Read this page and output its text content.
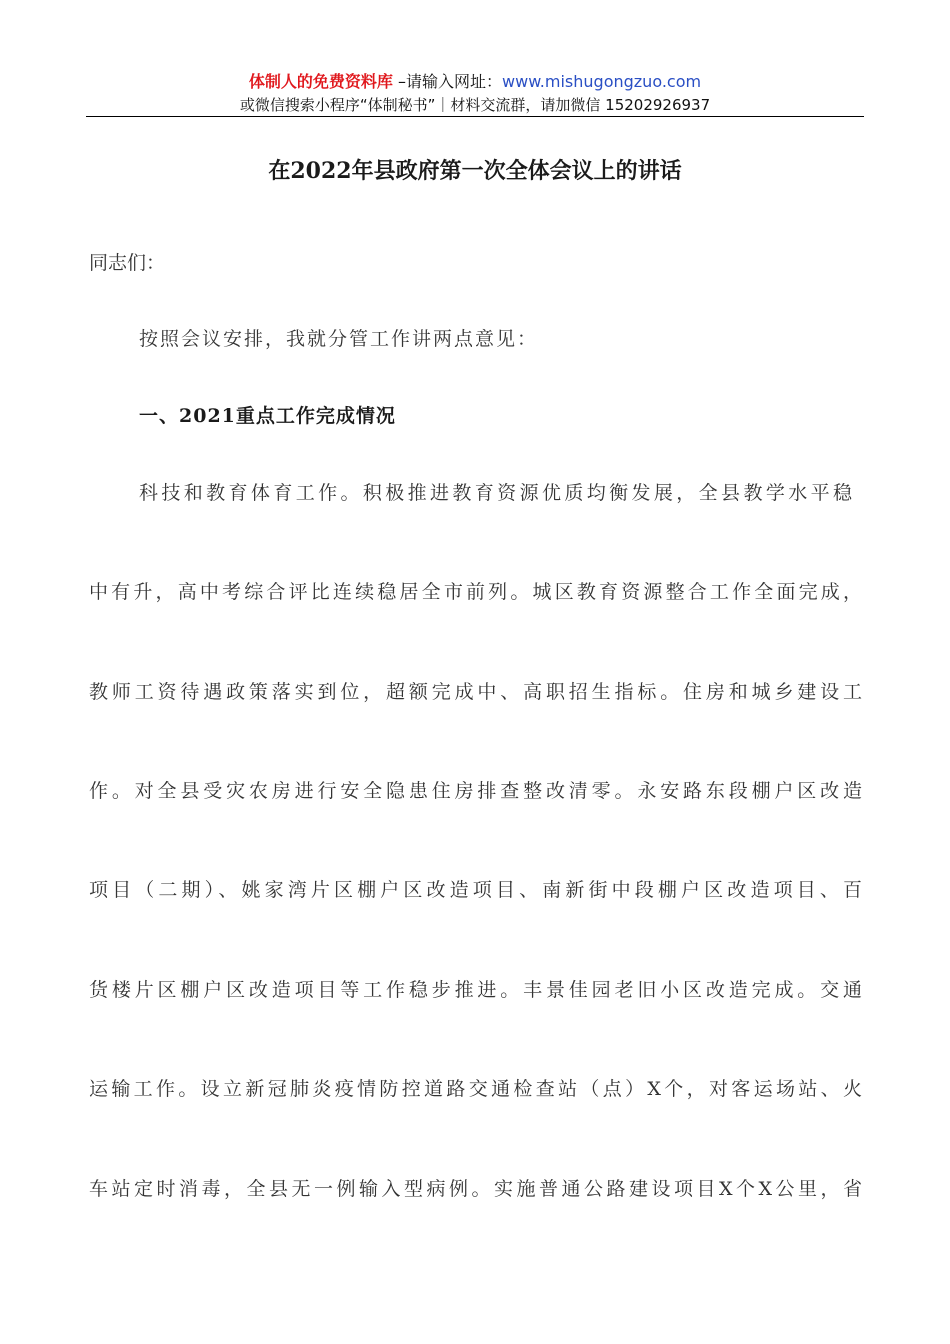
体制人的免费资料库 –请输入网址：www.mishugongzuo.com
或微信搜索小程序“体制秘书”｜材料交流群，请加微信 15202926937
在2022年县政府第一次全体会议上的讲话
同志们：
按照会议安排，我就分管工作讲两点意见：
一、2021重点工作完成情况
科技和教育体育工作。积极推进教育资源优质均衡发展，全县教学水平稳
中有升，高中考综合评比连续稳居全市前列。城区教育资源整合工作全面完成，
教师工资待遇政策落实到位，超额完成中、高职招生指标。住房和城乡建设工
作。对全县受灾农房进行安全隐患住房排查整改清零。永安路东段棚户区改造
项目（二期）、姚家湾片区棚户区改造项目、南新街中段棚户区改造项目、百
货楼片区棚户区改造项目等工作稳步推进。丰景佳园老旧小区改造完成。交通
运输工作。设立新冠肺炎疫情防控道路交通检查站（点）X个，对客运场站、火
车站定时消毒，全县无一例输入型病例。实施普通公路建设项目X个X公里，省
